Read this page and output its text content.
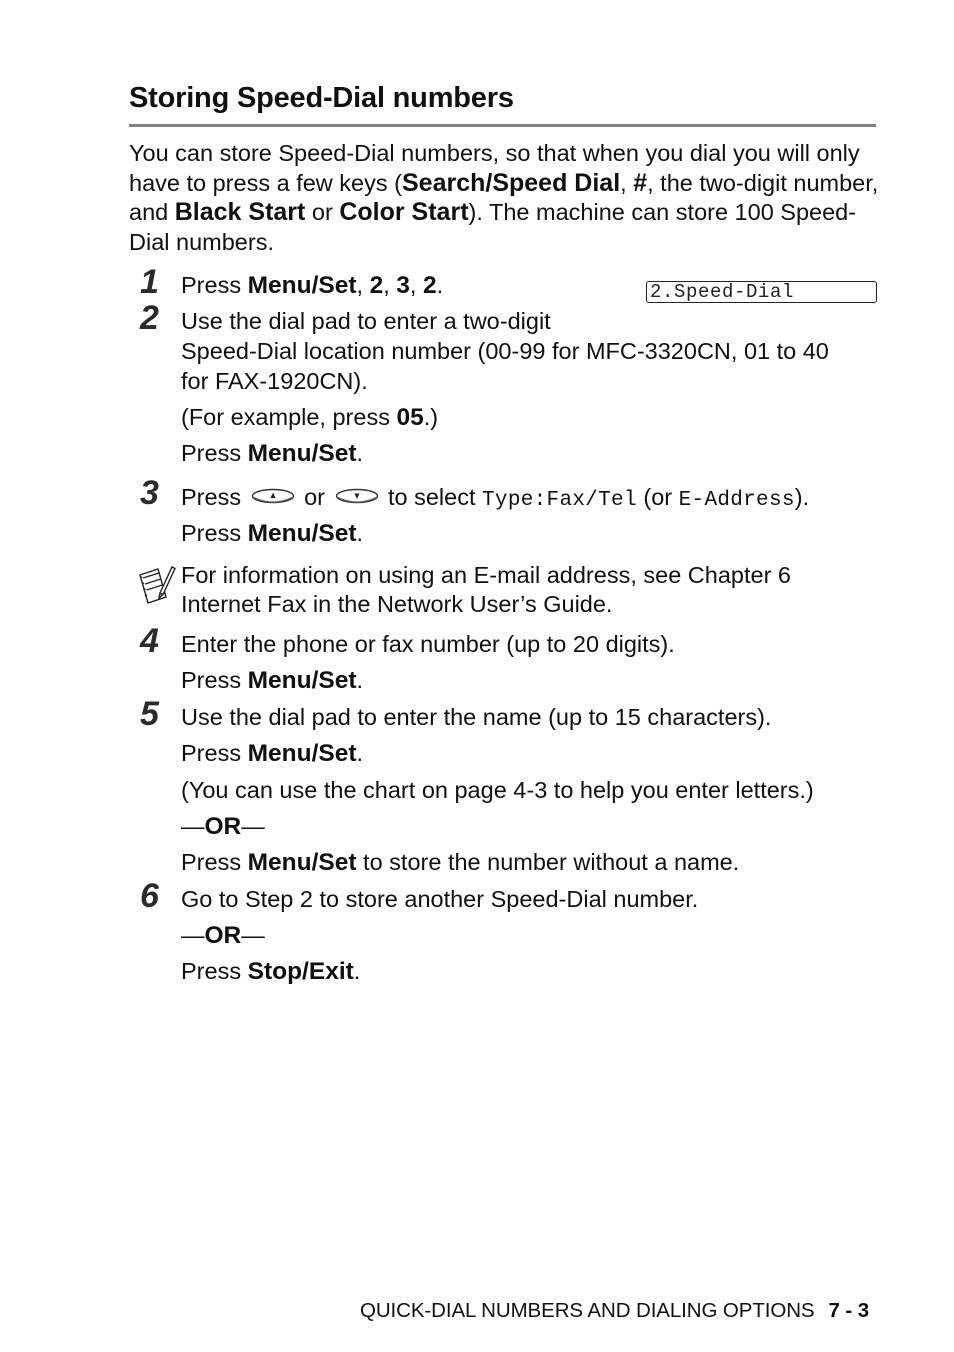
Storing Speed-Dial numbers
You can store Speed-Dial numbers, so that when you dial you will only have to press a few keys (Search/Speed Dial, #, the two-digit number, and Black Start or Color Start). The machine can store 100 Speed-Dial numbers.
1 Press Menu/Set, 2, 3, 2.	2.Speed-Dial
2 Use the dial pad to enter a two-digit
Speed-Dial location number (00-99 for MFC-3320CN, 01 to 40
for FAX-1920CN).
(For example, press 05.)
Press Menu/Set.
3 Press	or	to select Type:Fax/Tel (or E-Address).
Press Menu/Set.
For information on using an E-mail address, see Chapter 6
Internet Fax in the Network User’s Guide.
4 Enter the phone or fax number (up to 20 digits).
Press Menu/Set.
5 Use the dial pad to enter the name (up to 15 characters).
Press Menu/Set.
(You can use the chart on page 4-3 to help you enter letters.)
—OR—
Press Menu/Set to store the number without a name.
6 Go to Step 2 to store another Speed-Dial number.
—OR—
Press Stop/Exit.
QUICK-DIAL NUMBERS AND DIALING OPTIONS 7 - 3
